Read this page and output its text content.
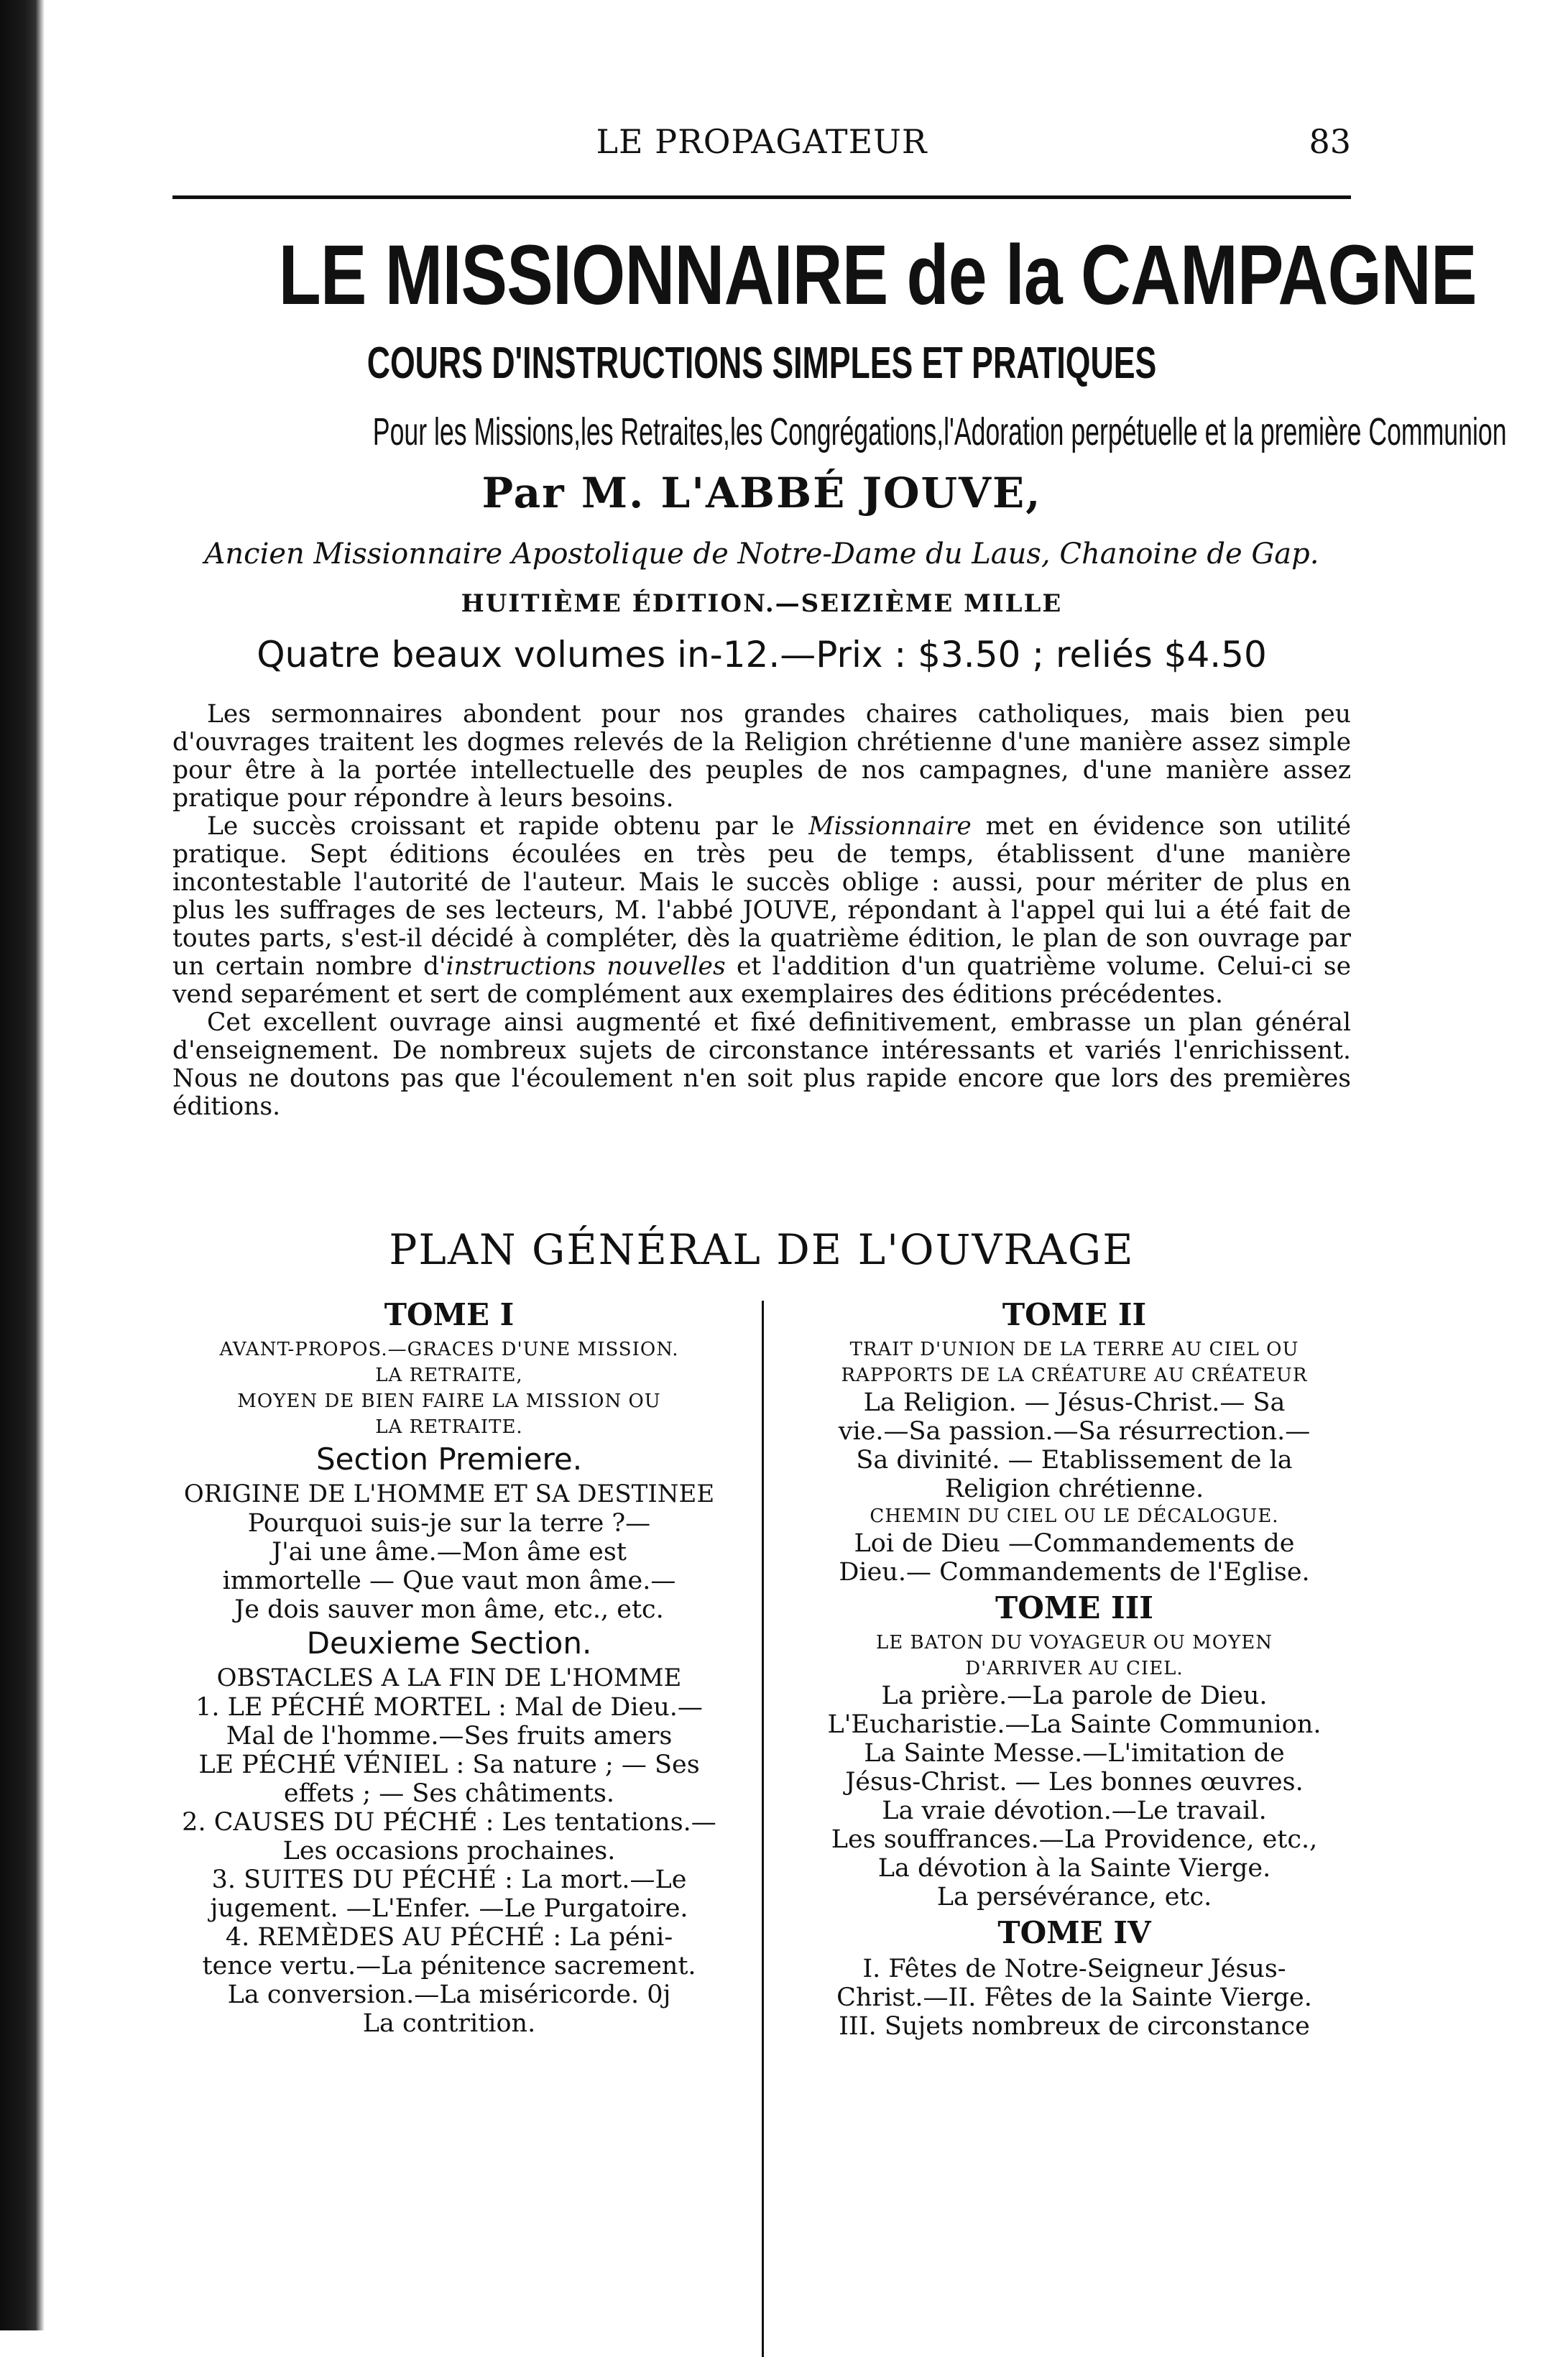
LE PROPAGATEUR	83
LE MISSIONNAIRE de la CAMPAGNE
COURS D'INSTRUCTIONS SIMPLES ET PRATIQUES
Pour les Missions,les Retraites,les Congrégations,l'Adoration perpétuelle et la première Communion
Par M. L'ABBÉ JOUVE,
Ancien Missionnaire Apostolique de Notre-Dame du Laus, Chanoine de Gap.
HUITIÈME ÉDITION.—SEIZIÈME MILLE
Quatre beaux volumes in-12.—Prix : $3.50 ; reliés $4.50

Les sermonnaires abondent pour nos grandes chaires catholiques, mais bien peu d'ouvrages traitent les dogmes relevés de la Religion chrétienne d'une manière assez simple pour être à la portée intellectuelle des peuples de nos campagnes, d'une manière assez pratique pour répondre à leurs besoins.

Le succès croissant et rapide obtenu par le Missionnaire met en évidence son utilité pratique. Sept éditions écoulées en très peu de temps, établissent d'une manière incontestable l'autorité de l'auteur. Mais le succès oblige : aussi, pour mériter de plus en plus les suffrages de ses lecteurs, M. l'abbé JOUVE, répondant à l'appel qui lui a été fait de toutes parts, s'est-il décidé à compléter, dès la quatrième édition, le plan de son ouvrage par un certain nombre d'instructions nouvelles et l'addition d'un quatrième volume. Celui-ci se vend separément et sert de complément aux exemplaires des éditions précédentes.

Cet excellent ouvrage ainsi augmenté et fixé definitivement, embrasse un plan général d'enseignement. De nombreux sujets de circonstance intéressants et variés l'enrichissent. Nous ne doutons pas que l'écoulement n'en soit plus rapide encore que lors des premières éditions.

PLAN GÉNÉRAL DE L'OUVRAGE
TOME I
AVANT-PROPOS.—GRACES D'UNE MISSION.
LA RETRAITE,
MOYEN DE BIEN FAIRE LA MISSION OU
LA RETRAITE.
Section Premiere.
ORIGINE DE L'HOMME ET SA DESTINEE
Pourquoi suis-je sur la terre ?—
J'ai une âme.—Mon âme est
immortelle — Que vaut mon âme.—
Je dois sauver mon âme, etc., etc.
Deuxieme Section.
OBSTACLES A LA FIN DE L'HOMME
1. LE PÉCHÉ MORTEL : Mal de Dieu.—
Mal de l'homme.—Ses fruits amers
LE PÉCHÉ VÉNIEL : Sa nature ; — Ses
effets ; — Ses châtiments.
2. CAUSES DU PÉCHÉ : Les tentations.—
Les occasions prochaines.
3. SUITES DU PÉCHÉ : La mort.—Le
jugement. —L'Enfer. —Le Purgatoire.
4. REMÈDES AU PÉCHÉ : La péni-
tence vertu.—La pénitence sacrement.
La conversion.—La miséricorde. 0j
La contrition.
TOME II
TRAIT D'UNION DE LA TERRE AU CIEL OU
RAPPORTS DE LA CRÉATURE AU CRÉATEUR
La Religion. — Jésus-Christ.— Sa
vie.—Sa passion.—Sa résurrection.—
Sa divinité. — Etablissement de la
Religion chrétienne.
CHEMIN DU CIEL OU LE DÉCALOGUE.
Loi de Dieu —Commandements de
Dieu.— Commandements de l'Eglise.
TOME III
LE BATON DU VOYAGEUR OU MOYEN
D'ARRIVER AU CIEL.
La prière.—La parole de Dieu.
L'Eucharistie.—La Sainte Communion.
La Sainte Messe.—L'imitation de
Jésus-Christ. — Les bonnes œuvres.
La vraie dévotion.—Le travail.
Les souffrances.—La Providence, etc.,
La dévotion à la Sainte Vierge.
La persévérance, etc.
TOME IV
I. Fêtes de Notre-Seigneur Jésus-
Christ.—II. Fêtes de la Sainte Vierge.
III. Sujets nombreux de circonstance
